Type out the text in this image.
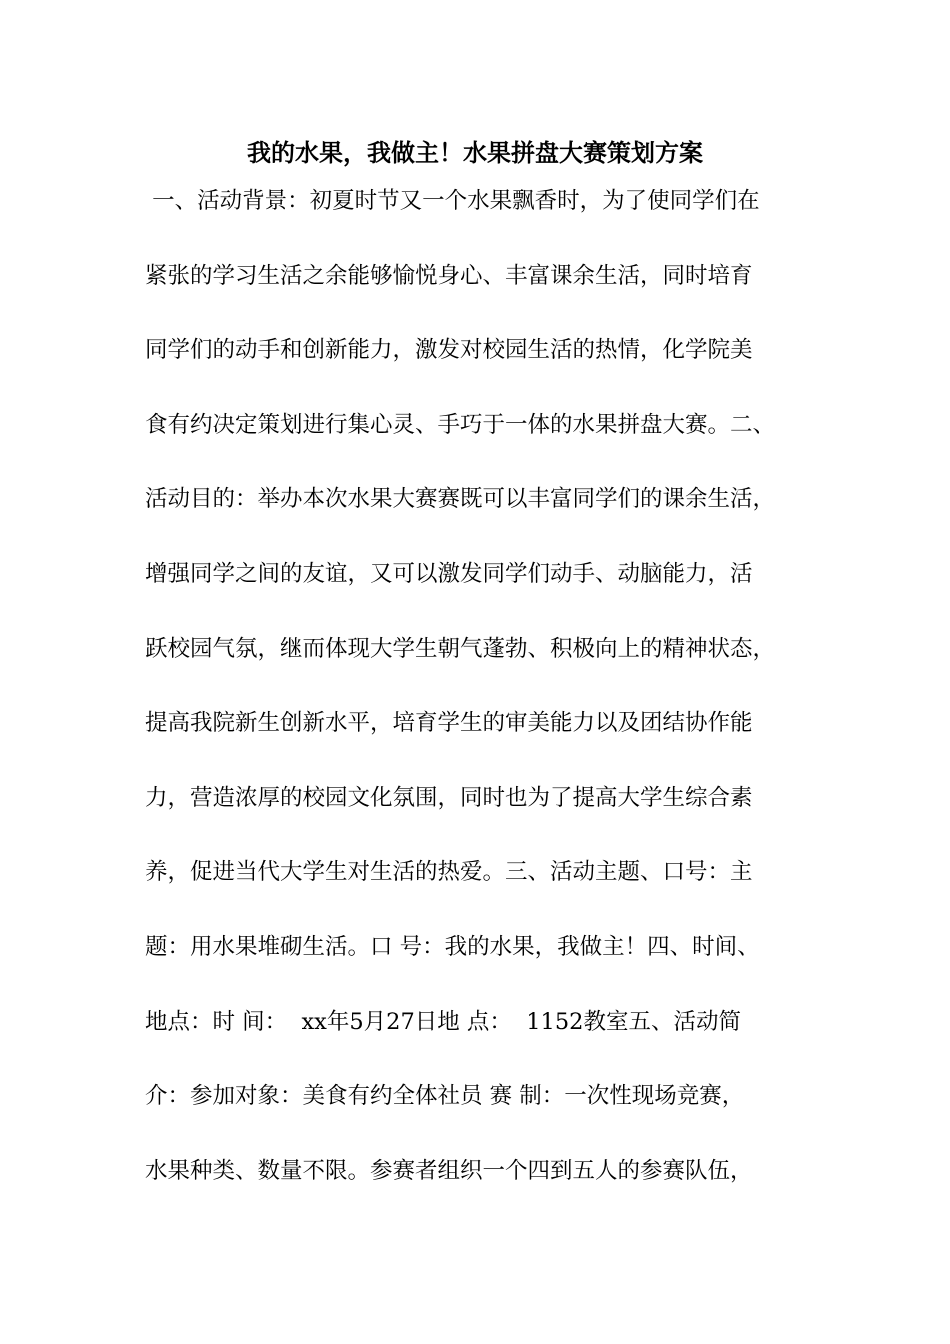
我的水果，我做主！水果拼盘大赛策划方案
一、活动背景：初夏时节又一个水果飘香时，为了使同学们在
紧张的学习生活之余能够愉悦身心、丰富课余生活，同时培育
同学们的动手和创新能力，激发对校园生活的热情，化学院美
食有约决定策划进行集心灵、手巧于一体的水果拼盘大赛。二、
活动目的：举办本次水果大赛赛既可以丰富同学们的课余生活，
增强同学之间的友谊，又可以激发同学们动手、动脑能力，活
跃校园气氛，继而体现大学生朝气蓬勃、积极向上的精神状态，
提高我院新生创新水平，培育学生的审美能力以及团结协作能
力，营造浓厚的校园文化氛围，同时也为了提高大学生综合素
养，促进当代大学生对生活的热爱。三、活动主题、口号：主
题：用水果堆砌生活。口 号：我的水果，我做主！四、时间、
地点：时 间：  xx年5月27日地 点：  1152教室五、活动简
介：参加对象：美食有约全体社员 赛 制：一次性现场竞赛，
水果种类、数量不限。参赛者组织一个四到五人的参赛队伍，
